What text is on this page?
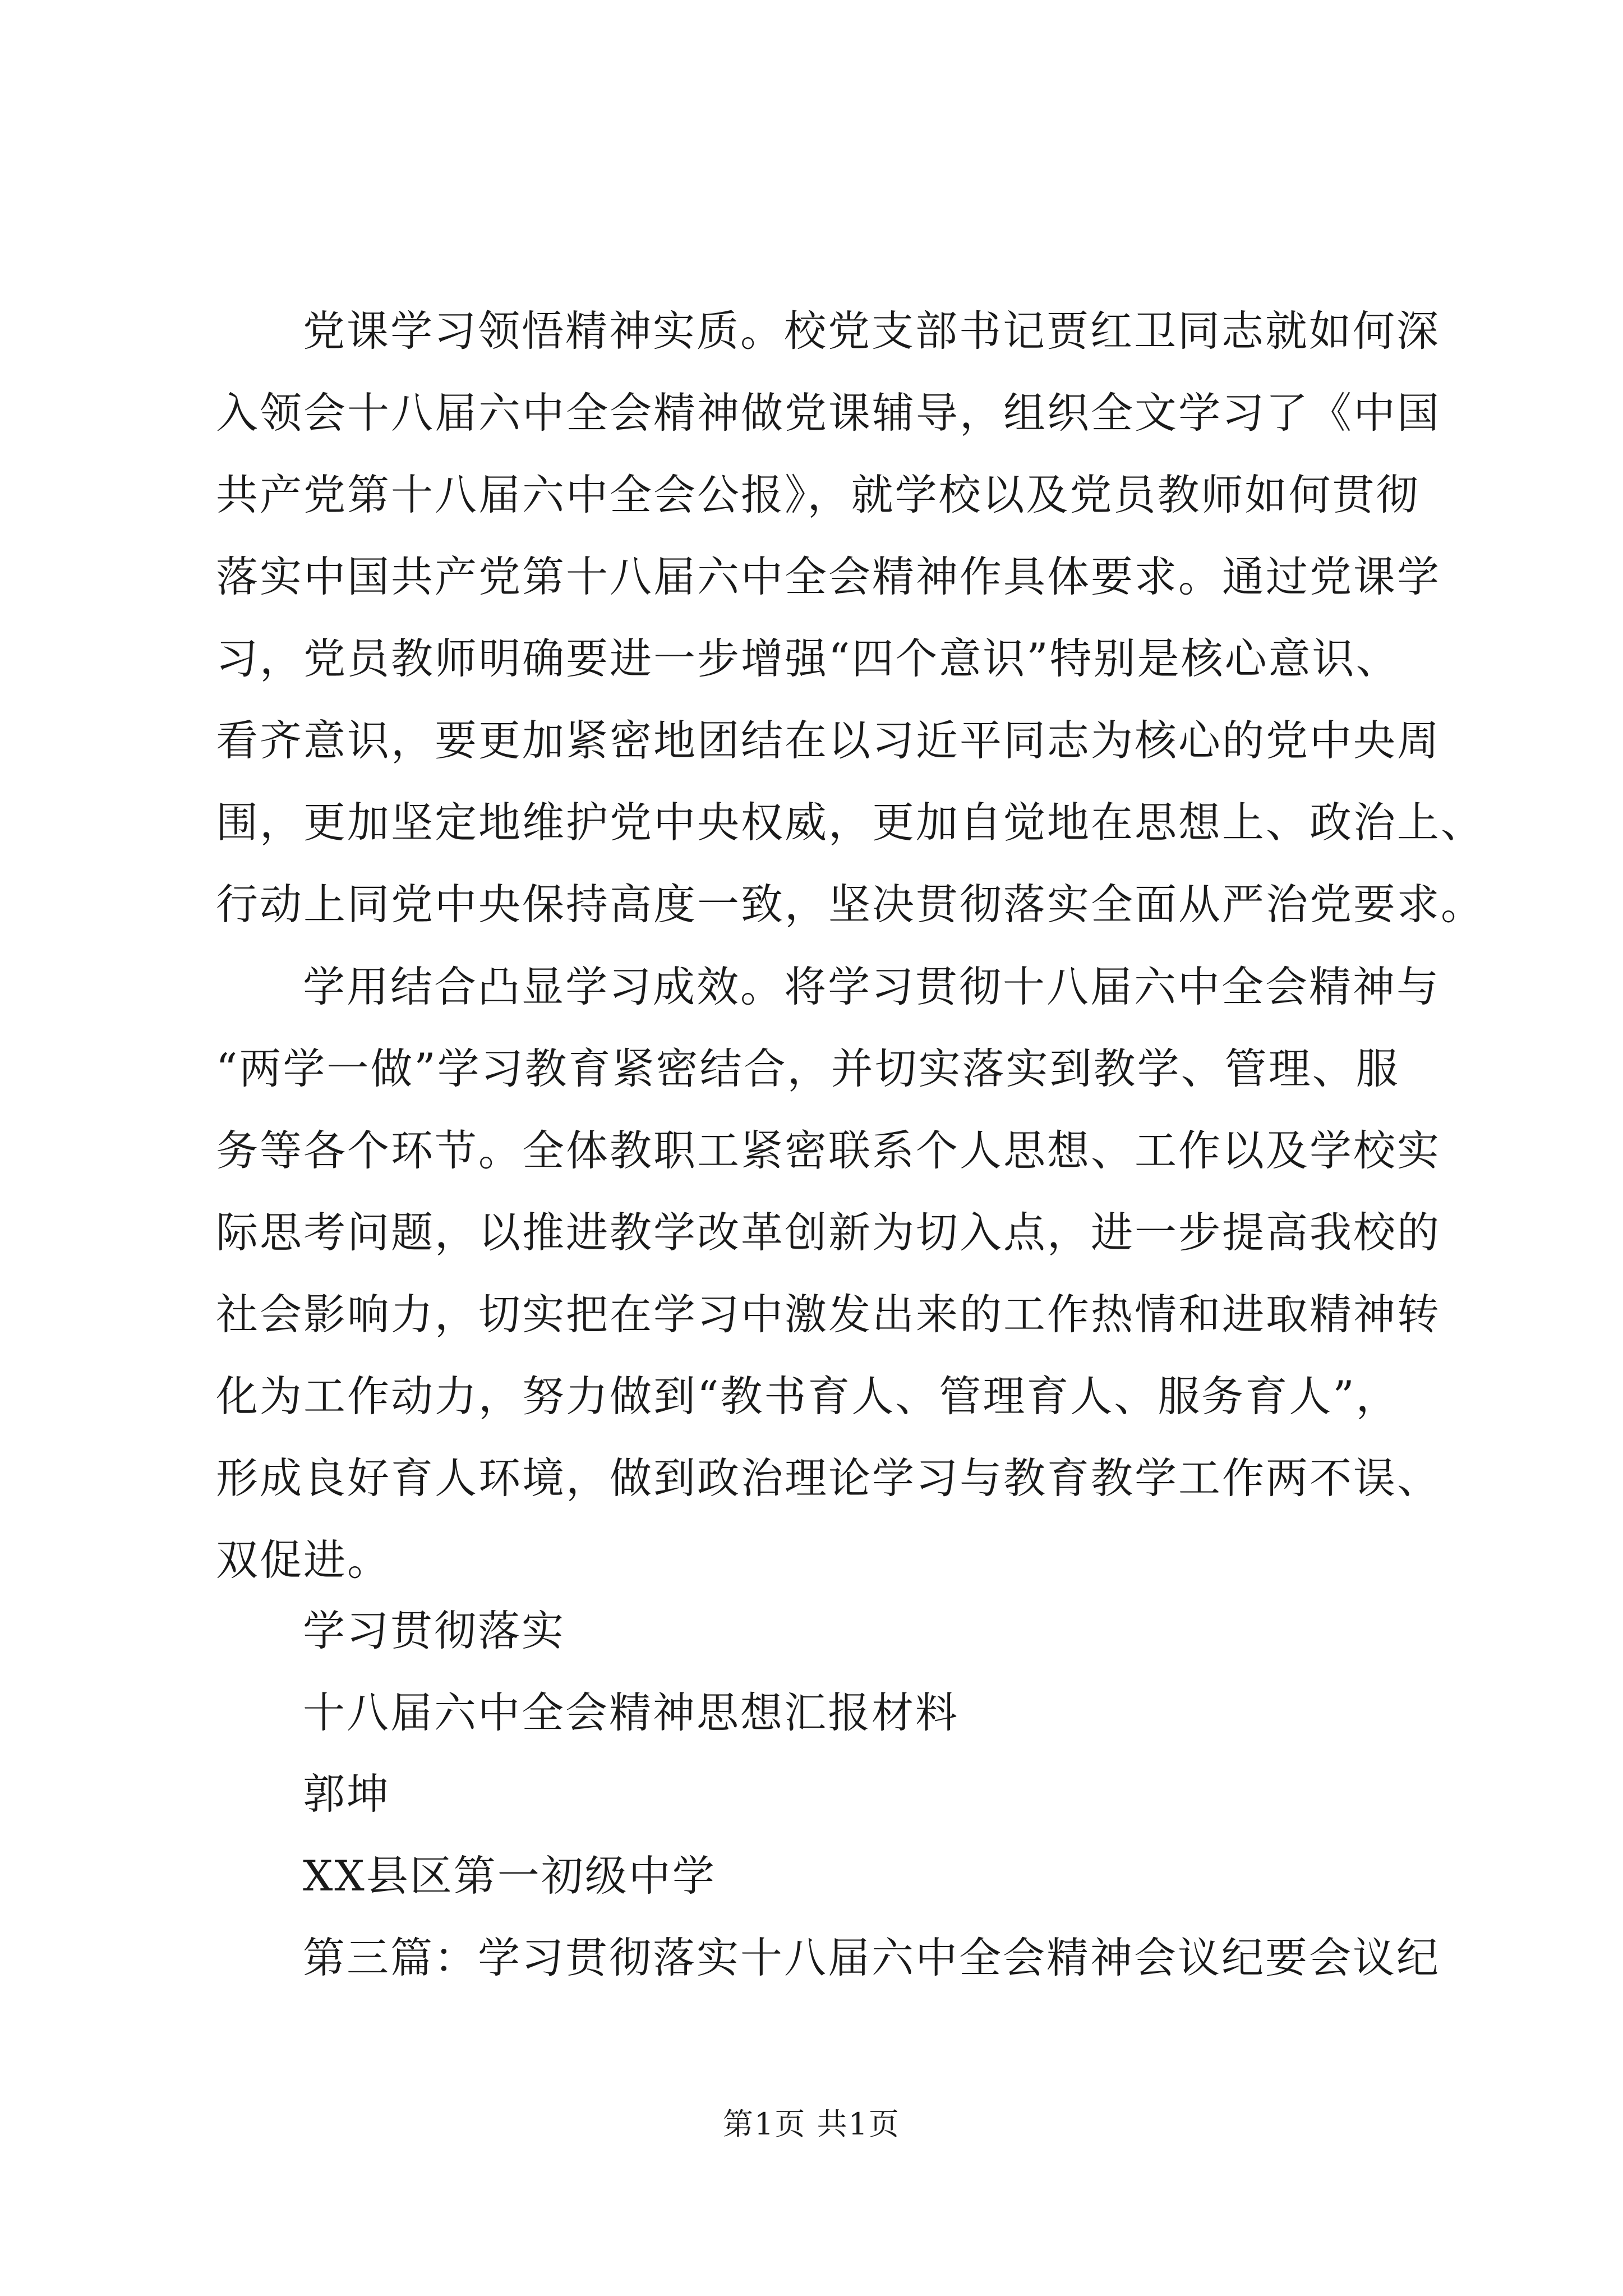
党课学习领悟精神实质。校党支部书记贾红卫同志就如何深
入领会十八届六中全会精神做党课辅导，组织全文学习了《中国
共产党第十八届六中全会公报》，就学校以及党员教师如何贯彻
落实中国共产党第十八届六中全会精神作具体要求。通过党课学
习，党员教师明确要进一步增强“四个意识”特别是核心意识、
看齐意识，要更加紧密地团结在以习近平同志为核心的党中央周
围，更加坚定地维护党中央权威，更加自觉地在思想上、政治上、
行动上同党中央保持高度一致，坚决贯彻落实全面从严治党要求。
学用结合凸显学习成效。将学习贯彻十八届六中全会精神与
“两学一做”学习教育紧密结合，并切实落实到教学、管理、服
务等各个环节。全体教职工紧密联系个人思想、工作以及学校实
际思考问题，以推进教学改革创新为切入点，进一步提高我校的
社会影响力，切实把在学习中激发出来的工作热情和进取精神转
化为工作动力，努力做到“教书育人、管理育人、服务育人”，
形成良好育人环境，做到政治理论学习与教育教学工作两不误、
双促进。
学习贯彻落实
十八届六中全会精神思想汇报材料
郭坤
XX县区第一初级中学
第三篇：学习贯彻落实十八届六中全会精神会议纪要会议纪
第1页 共1页
